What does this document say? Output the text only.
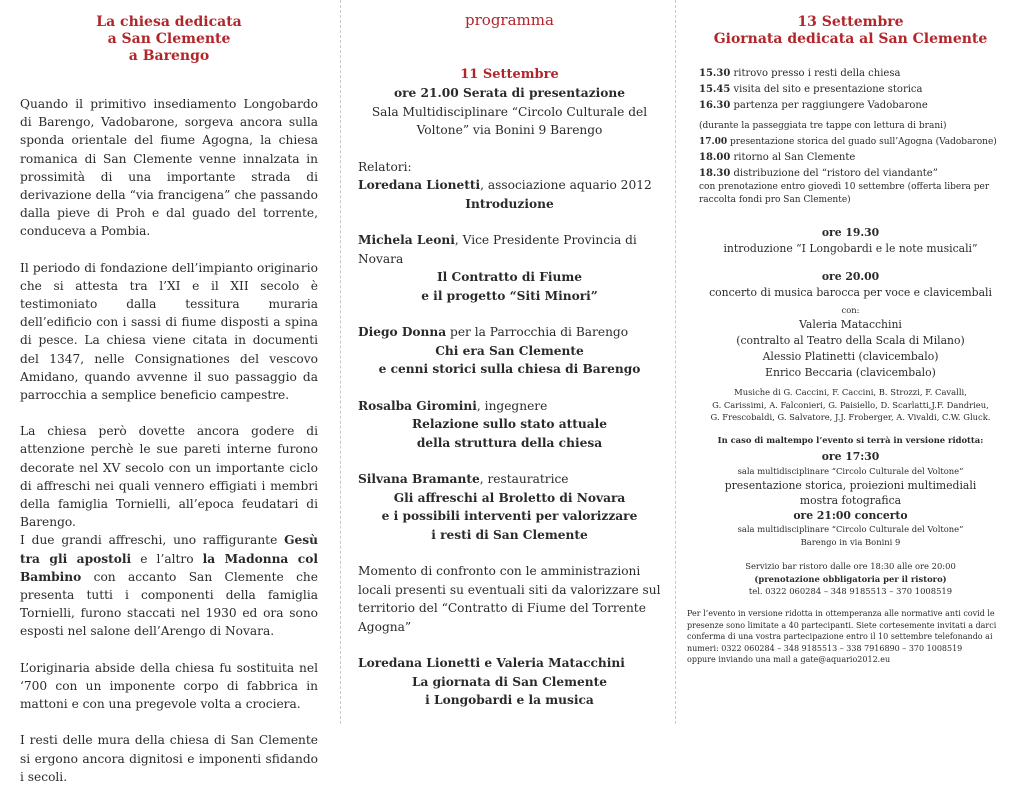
La chiesa dedicata
a San Clemente
a Barengo

Quando il primitivo insediamento Longobardo di Barengo, Vadobarone, sorgeva ancora sulla sponda orientale del fiume Agogna, la chiesa romanica di San Clemente venne innalzata in prossimità di una importante strada di derivazione della “via francigena” che passando dalla pieve di Proh e dal guado del torrente, conduceva a Pombia.

Il periodo di fondazione dell’impianto originario che si attesta tra l’XI e il XII secolo è testimoniato dalla tessitura muraria dell’edificio con i sassi di fiume disposti a spina di pesce. La chiesa viene citata in documenti del 1347, nelle Consignationes del vescovo Amidano, quando avvenne il suo passaggio da parrocchia a semplice beneficio campestre.

La chiesa però dovette ancora godere di attenzione perchè le sue pareti interne furono decorate nel XV secolo con un importante ciclo di affreschi nei quali vennero effigiati i membri della famiglia Tornielli, all’epoca feudatari di Barengo.

I due grandi affreschi, uno raffigurante Gesù tra gli apostoli e l’altro la Madonna col Bambino con accanto San Clemente che presenta tutti i componenti della famiglia Tornielli, furono staccati nel 1930 ed ora sono esposti nel salone dell’Arengo di Novara.

L’originaria abside della chiesa fu sostituita nel ‘700 con un imponente corpo di fabbrica in mattoni e con una pregevole volta a crociera.

I resti delle mura della chiesa di San Clemente si ergono ancora dignitosi e imponenti sfidando i secoli.

programma
11 Settembre

ore 21.00 Serata di presentazione

Sala Multidisciplinare “Circolo Culturale del

Voltone” via Bonini 9 Barengo

Relatori:

Loredana Lionetti, associazione aquario 2012

Introduzione

Michela Leoni, Vice Presidente Provincia di Novara

Il Contratto di Fiume

e il progetto “Siti Minori”

Diego Donna per la Parrocchia di Barengo

Chi era San Clemente

e cenni storici sulla chiesa di Barengo

Rosalba Giromini, ingegnere

Relazione sullo stato attuale

della struttura della chiesa

Silvana Bramante, restauratrice

Gli affreschi al Broletto di Novara

e i possibili interventi per valorizzare

i resti di San Clemente

Momento di confronto con le amministrazioni

locali presenti su eventuali siti da valorizzare sul

territorio del “Contratto di Fiume del Torrente

Agogna”

Loredana Lionetti e Valeria Matacchini

La giornata di San Clemente

i Longobardi e la musica

13 Settembre
Giornata dedicata al San Clemente

15.30 ritrovo presso i resti della chiesa

15.45 visita del sito e presentazione storica

16.30 partenza per raggiungere Vadobarone

(durante la passeggiata tre tappe con lettura di brani)

17.00 presentazione storica del guado sull’Agogna (Vadobarone)

18.00 ritorno al San Clemente

18.30 distribuzione del “ristoro del viandante”

con prenotazione entro giovedì 10 settembre (offerta libera per

raccolta fondi pro San Clemente)

ore 19.30

introduzione “I Longobardi e le note musicali”

ore 20.00

concerto di musica barocca per voce e clavicembali

con:

Valeria Matacchini

(contralto al Teatro della Scala di Milano)

Alessio Platinetti (clavicembalo)

Enrico Beccaria (clavicembalo)

Musiche di G. Caccini, F. Caccini, B. Strozzi, F. Cavalli,

G. Carissimi, A. Falconieri, G. Paisiello, D. Scarlatti,J.F. Dandrieu,

G. Frescobaldi, G. Salvatore, J.J. Froberger, A. Vivaldi, C.W. Gluck.

In caso di maltempo l’evento si terrà in versione ridotta:

ore 17:30

sala multidisciplinare “Circolo Culturale del Voltone”

presentazione storica, proiezioni multimediali

mostra fotografica

ore 21:00 concerto

sala multidisciplinare “Circolo Culturale del Voltone”

Barengo in via Bonini 9

Servizio bar ristoro dalle ore 18:30 alle ore 20:00

(prenotazione obbligatoria per il ristoro)

tel. 0322 060284 – 348 9185513 – 370 1008519

Per l’evento in versione ridotta in ottemperanza alle normative anti covid le

presenze sono limitate a 40 partecipanti. Siete cortesemente invitati a darci

conferma di una vostra partecipazione entro il 10 settembre telefonando ai

numeri: 0322 060284 – 348 9185513 – 338 7916890 – 370 1008519

oppure inviando una mail a gate@aquario2012.eu
